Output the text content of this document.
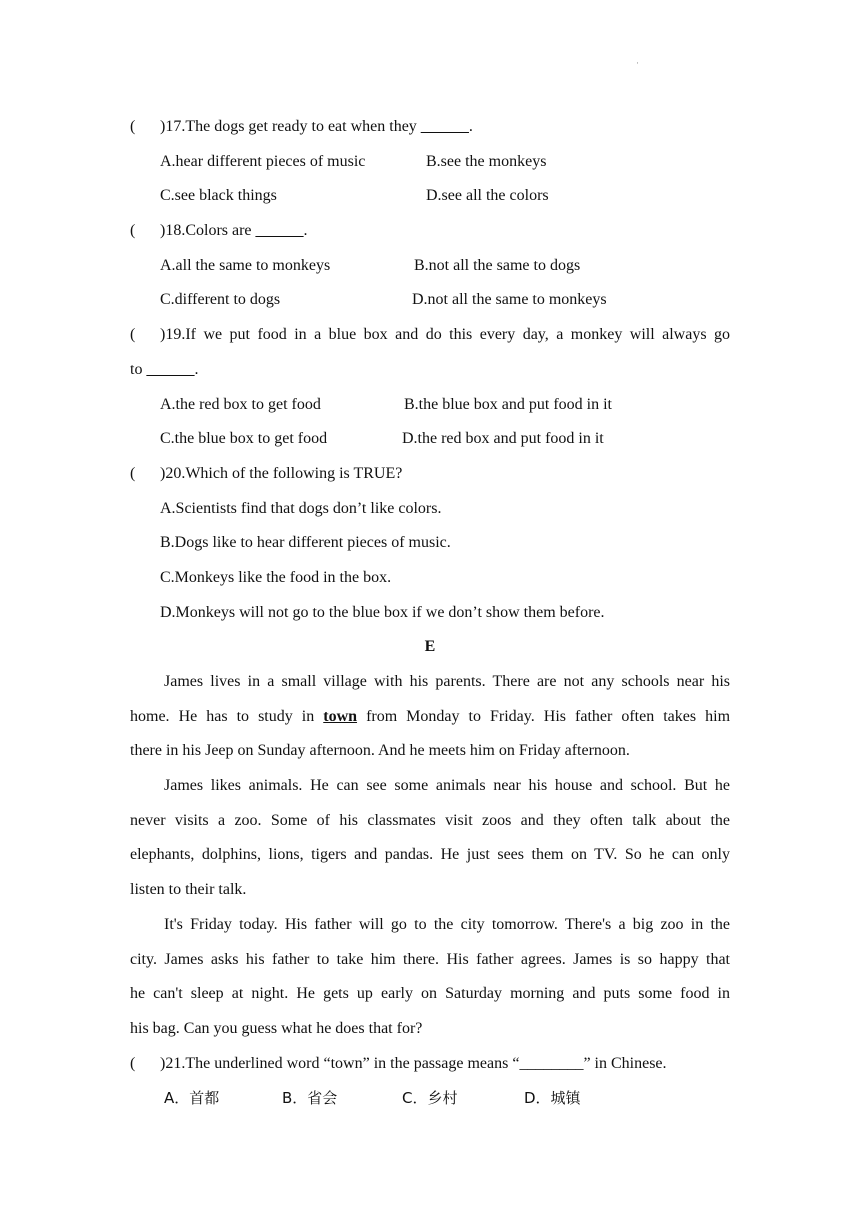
·
( )17.The dogs get ready to eat when they ______.
A.hear different pieces of music	B.see the monkeys
C.see black things	D.see all the colors
( )18.Colors are ______.
A.all the same to monkeys	B.not all the same to dogs
C.different to dogs	D.not all the same to monkeys
( )19.If we put food in a blue box and do this every day, a monkey will always go
to ______.
A.the red box to get food	B.the blue box and put food in it
C.the blue box to get food	D.the red box and put food in it
( )20.Which of the following is TRUE?
A.Scientists find that dogs don’t like colors.
B.Dogs like to hear different pieces of music.
C.Monkeys like the food in the box.
D.Monkeys will not go to the blue box if we don’t show them before.
E
James lives in a small village with his parents. There are not any schools near his
home. He has to study in town from Monday to Friday. His father often takes him
there in his Jeep on Sunday afternoon. And he meets him on Friday afternoon.
James likes animals. He can see some animals near his house and school. But he
never visits a zoo. Some of his classmates visit zoos and they often talk about the
elephants, dolphins, lions, tigers and pandas. He just sees them on TV. So he can only
listen to their talk.
It's Friday today. His father will go to the city tomorrow. There's a big zoo in the
city. James asks his father to take him there. His father agrees. James is so happy that
he can't sleep at night. He gets up early on Saturday morning and puts some food in
his bag. Can you guess what he does that for?
( )21.The underlined word “town” in the passage means “________” in Chinese.
A．首都	B．省会	C．乡村	D．城镇
